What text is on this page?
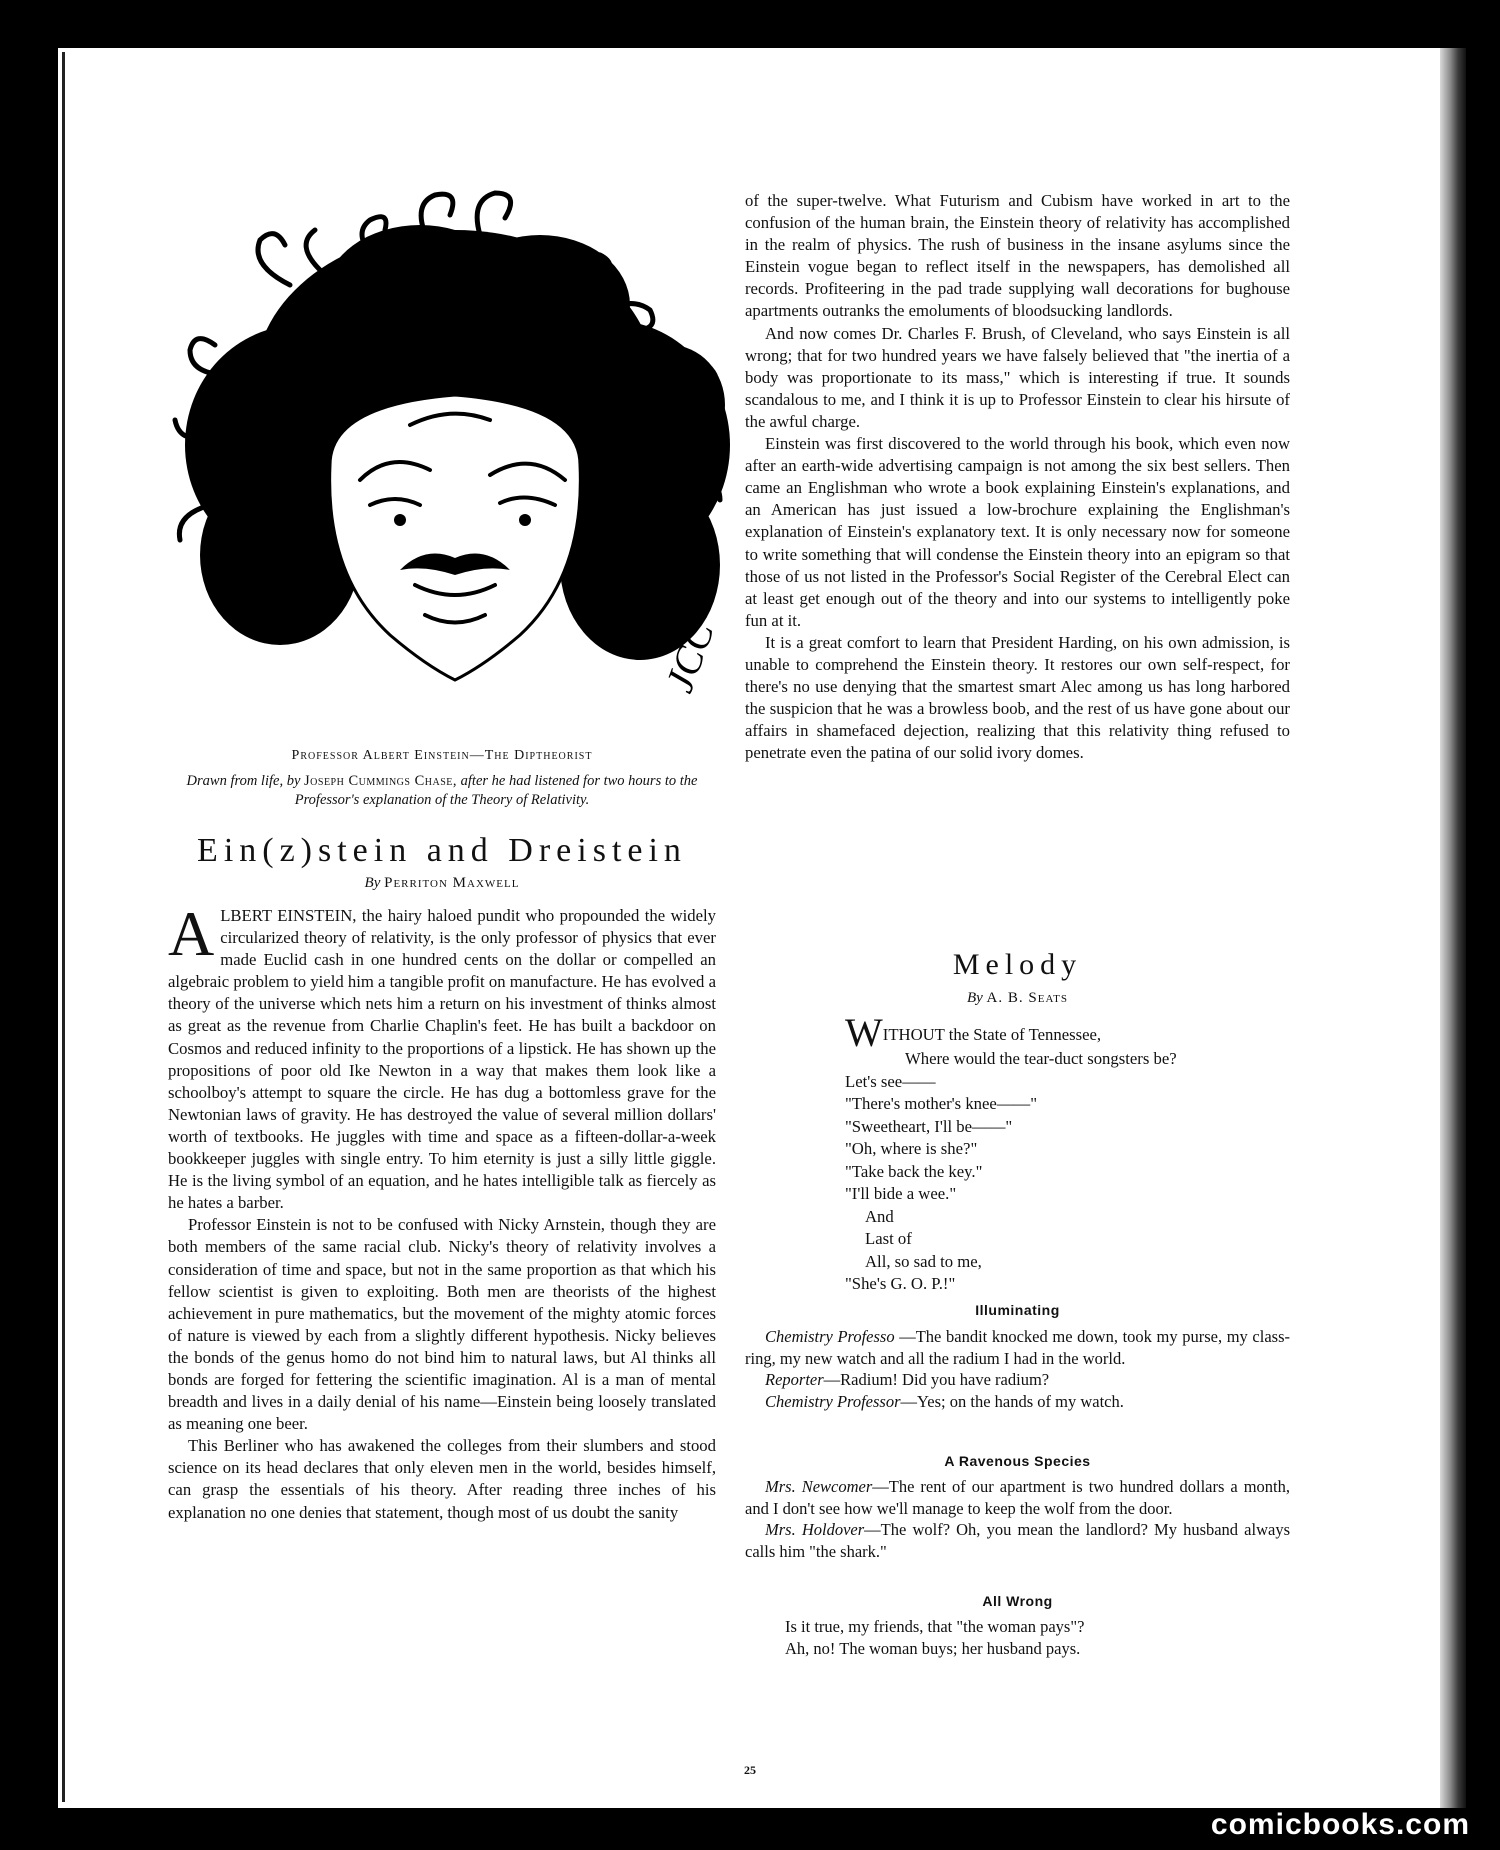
JCC
Professor Albert Einstein—The Diptheorist
Drawn from life, by Joseph Cummings Chase, after he had listened for two hours to the Professor's explanation of the Theory of Relativity.
Ein(z)stein and Dreistein
By Perriton Maxwell

ALBERT EINSTEIN, the hairy haloed pundit who propounded the widely circularized theory of relativity, is the only professor of physics that ever made Euclid cash in one hundred cents on the dollar or compelled an algebraic problem to yield him a tangible profit on manufacture. He has evolved a theory of the universe which nets him a return on his investment of thinks almost as great as the revenue from Charlie Chaplin's feet. He has built a backdoor on Cosmos and reduced infinity to the proportions of a lipstick. He has shown up the propositions of poor old Ike Newton in a way that makes them look like a schoolboy's attempt to square the circle. He has dug a bottomless grave for the Newtonian laws of gravity. He has destroyed the value of several million dollars' worth of textbooks. He juggles with time and space as a fifteen-dollar-a-week bookkeeper juggles with single entry. To him eternity is just a silly little giggle. He is the living symbol of an equation, and he hates intelligible talk as fiercely as he hates a barber.

Professor Einstein is not to be confused with Nicky Arnstein, though they are both members of the same racial club. Nicky's theory of relativity involves a consideration of time and space, but not in the same proportion as that which his fellow scientist is given to exploiting. Both men are theorists of the highest achievement in pure mathematics, but the movement of the mighty atomic forces of nature is viewed by each from a slightly different hypothesis. Nicky believes the bonds of the genus homo do not bind him to natural laws, but Al thinks all bonds are forged for fettering the scientific imagination. Al is a man of mental breadth and lives in a daily denial of his name—Einstein being loosely translated as meaning one beer.

This Berliner who has awakened the colleges from their slumbers and stood science on its head declares that only eleven men in the world, besides himself, can grasp the essentials of his theory. After reading three inches of his explanation no one denies that statement, though most of us doubt the sanity

of the super-twelve. What Futurism and Cubism have worked in art to the confusion of the human brain, the Einstein theory of relativity has accomplished in the realm of physics. The rush of business in the insane asylums since the Einstein vogue began to reflect itself in the newspapers, has demolished all records. Profiteering in the pad trade supplying wall decorations for bughouse apartments outranks the emoluments of bloodsucking landlords.

And now comes Dr. Charles F. Brush, of Cleveland, who says Einstein is all wrong; that for two hundred years we have falsely believed that "the inertia of a body was proportionate to its mass," which is interesting if true. It sounds scandalous to me, and I think it is up to Professor Einstein to clear his hirsute of the awful charge.

Einstein was first discovered to the world through his book, which even now after an earth-wide advertising campaign is not among the six best sellers. Then came an Englishman who wrote a book explaining Einstein's explanations, and an American has just issued a low-brochure explaining the Englishman's explanation of Einstein's explanatory text. It is only necessary now for someone to write something that will condense the Einstein theory into an epigram so that those of us not listed in the Professor's Social Register of the Cerebral Elect can at least get enough out of the theory and into our systems to intelligently poke fun at it.

It is a great comfort to learn that President Harding, on his own admission, is unable to comprehend the Einstein theory. It restores our own self-respect, for there's no use denying that the smartest smart Alec among us has long harbored the suspicion that he was a browless boob, and the rest of us have gone about our affairs in shamefaced dejection, realizing that this relativity thing refused to penetrate even the patina of our solid ivory domes.

Melody
By A. B. Seats
WITHOUT the State of Tennessee,
Where would the tear-duct songsters be?
Let's see——
"There's mother's knee——"
"Sweetheart, I'll be——"
"Oh, where is she?"
"Take back the key."
"I'll bide a wee."
And
Last of
All, so sad to me,
"She's G. O. P.!"
Illuminating

Chemistry Professo —The bandit knocked me down, took my purse, my class-ring, my new watch and all the radium I had in the world.

Reporter—Radium! Did you have radium?

Chemistry Professor—Yes; on the hands of my watch.

A Ravenous Species

Mrs. Newcomer—The rent of our apartment is two hundred dollars a month, and I don't see how we'll manage to keep the wolf from the door.

Mrs. Holdover—The wolf? Oh, you mean the landlord? My husband always calls him "the shark."

All Wrong
Is it true, my friends, that "the woman pays"?
Ah, no! The woman buys; her husband pays.
25
comicbooks.com
